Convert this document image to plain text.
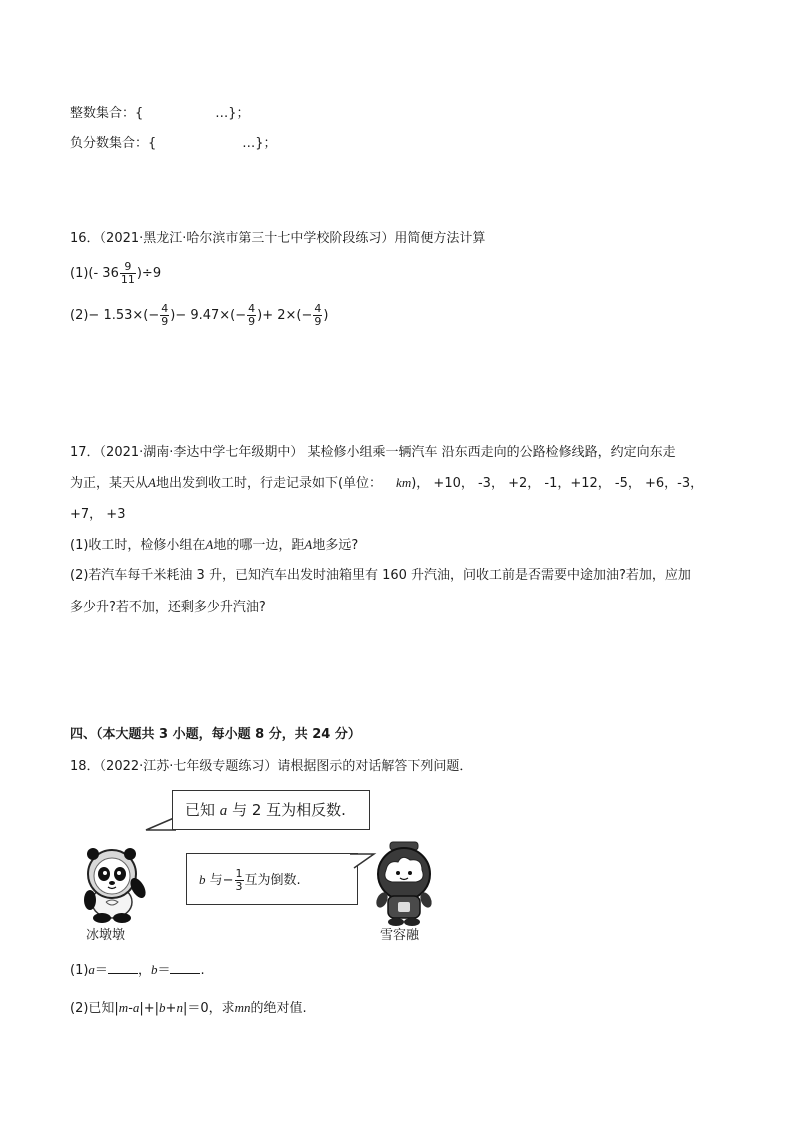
整数集合：{	…}；
负分数集合：{	…}；
16．（2021·黑龙江·哈尔滨市第三十七中学校阶段练习）用简便方法计算
(1)(- $36 \frac{9}{11} )\div 9$
$(2)- 1.53\times(- \frac{4}{9}$ )− $9.47\times(- \frac{4}{9}$ )+ $2\times(- \frac{4}{9}$ )
17．（2021·湖南·李达中学七年级期中） 某检修小组乘一辆汽车 沿东西走向的公路检修线路，约定向东走
为正，某天从A地出发到收工时，行走记录如下(单位： km)， +10， -3， +2， -1，+12， -5， +6，-3，
+7， +3
(1)收工时，检修小组在A地的哪一边，距A地多远?
(2)若汽车每千米耗油 3 升，已知汽车出发时油箱里有 160 升汽油，问收工前是否需要中途加油?若加，应加
多少升?若不加，还剩多少升汽油?
四、（本大题共 3 小题，每小题 8 分，共 24 分）
18．（2022·江苏·七年级专题练习）请根据图示的对话解答下列问题．
已知 a 与 2 互为相反数.
b 与− $\frac{1}{3}$ 互为倒数.
冰墩墩	雪容融
(1)a＝ ，b＝ .
(2)已知|m-a|+|b+n|＝0，求mn的绝对值.
